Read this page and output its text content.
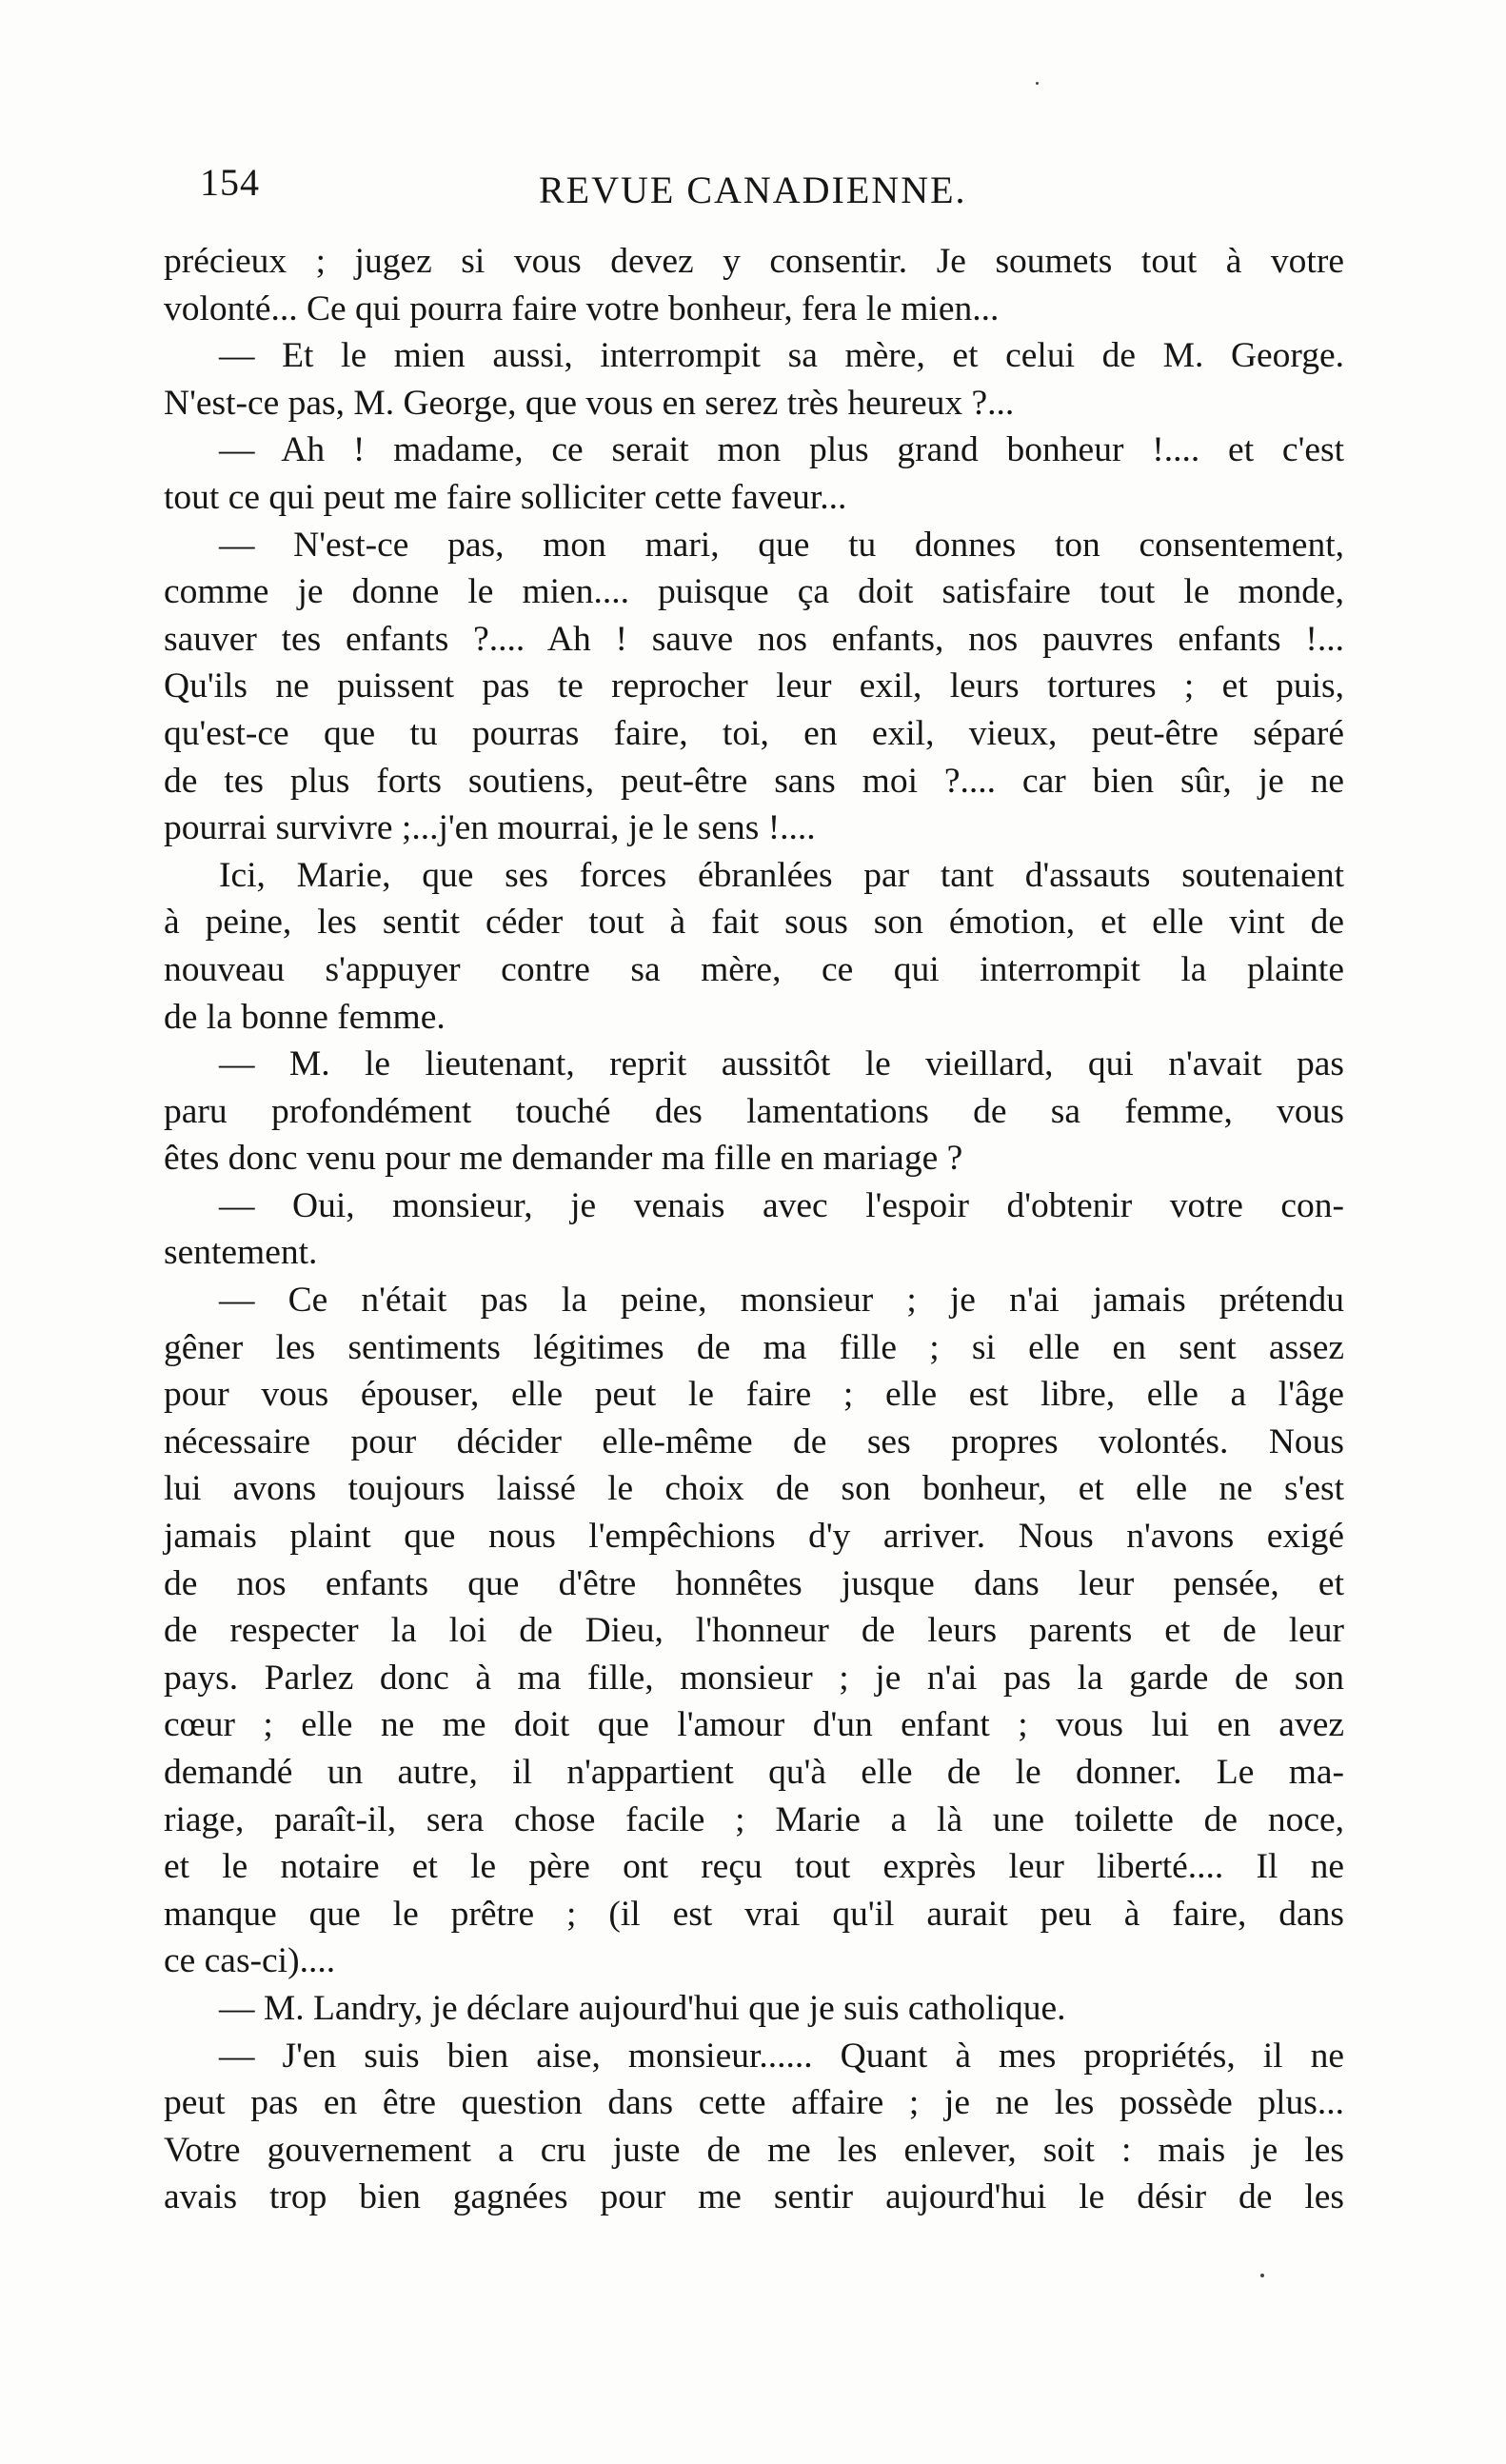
154	REVUE CANADIENNE.
précieux ; jugez si vous devez y consentir. Je soumets tout à votre
volonté... Ce qui pourra faire votre bonheur, fera le mien...
— Et le mien aussi, interrompit sa mère, et celui de M. George.
N'est-ce pas, M. George, que vous en serez très heureux ?...
— Ah ! madame, ce serait mon plus grand bonheur !.... et c'est
tout ce qui peut me faire solliciter cette faveur...
— N'est-ce pas, mon mari, que tu donnes ton consentement,
comme je donne le mien.... puisque ça doit satisfaire tout le monde,
sauver tes enfants ?.... Ah ! sauve nos enfants, nos pauvres enfants !...
Qu'ils ne puissent pas te reprocher leur exil, leurs tortures ; et puis,
qu'est-ce que tu pourras faire, toi, en exil, vieux, peut-être séparé
de tes plus forts soutiens, peut-être sans moi ?.... car bien sûr, je ne
pourrai survivre ;...j'en mourrai, je le sens !....
Ici, Marie, que ses forces ébranlées par tant d'assauts soutenaient
à peine, les sentit céder tout à fait sous son émotion, et elle vint de
nouveau s'appuyer contre sa mère, ce qui interrompit la plainte
de la bonne femme.
— M. le lieutenant, reprit aussitôt le vieillard, qui n'avait pas
paru profondément touché des lamentations de sa femme, vous
êtes donc venu pour me demander ma fille en mariage ?
— Oui, monsieur, je venais avec l'espoir d'obtenir votre con-
sentement.
— Ce n'était pas la peine, monsieur ; je n'ai jamais prétendu
gêner les sentiments légitimes de ma fille ; si elle en sent assez
pour vous épouser, elle peut le faire ; elle est libre, elle a l'âge
nécessaire pour décider elle-même de ses propres volontés. Nous
lui avons toujours laissé le choix de son bonheur, et elle ne s'est
jamais plaint que nous l'empêchions d'y arriver. Nous n'avons exigé
de nos enfants que d'être honnêtes jusque dans leur pensée, et
de respecter la loi de Dieu, l'honneur de leurs parents et de leur
pays. Parlez donc à ma fille, monsieur ; je n'ai pas la garde de son
cœur ; elle ne me doit que l'amour d'un enfant ; vous lui en avez
demandé un autre, il n'appartient qu'à elle de le donner. Le ma-
riage, paraît-il, sera chose facile ; Marie a là une toilette de noce,
et le notaire et le père ont reçu tout exprès leur liberté.... Il ne
manque que le prêtre ; (il est vrai qu'il aurait peu à faire, dans
ce cas-ci)....
— M. Landry, je déclare aujourd'hui que je suis catholique.
— J'en suis bien aise, monsieur...... Quant à mes propriétés, il ne
peut pas en être question dans cette affaire ; je ne les possède plus...
Votre gouvernement a cru juste de me les enlever, soit : mais je les
avais trop bien gagnées pour me sentir aujourd'hui le désir de les
